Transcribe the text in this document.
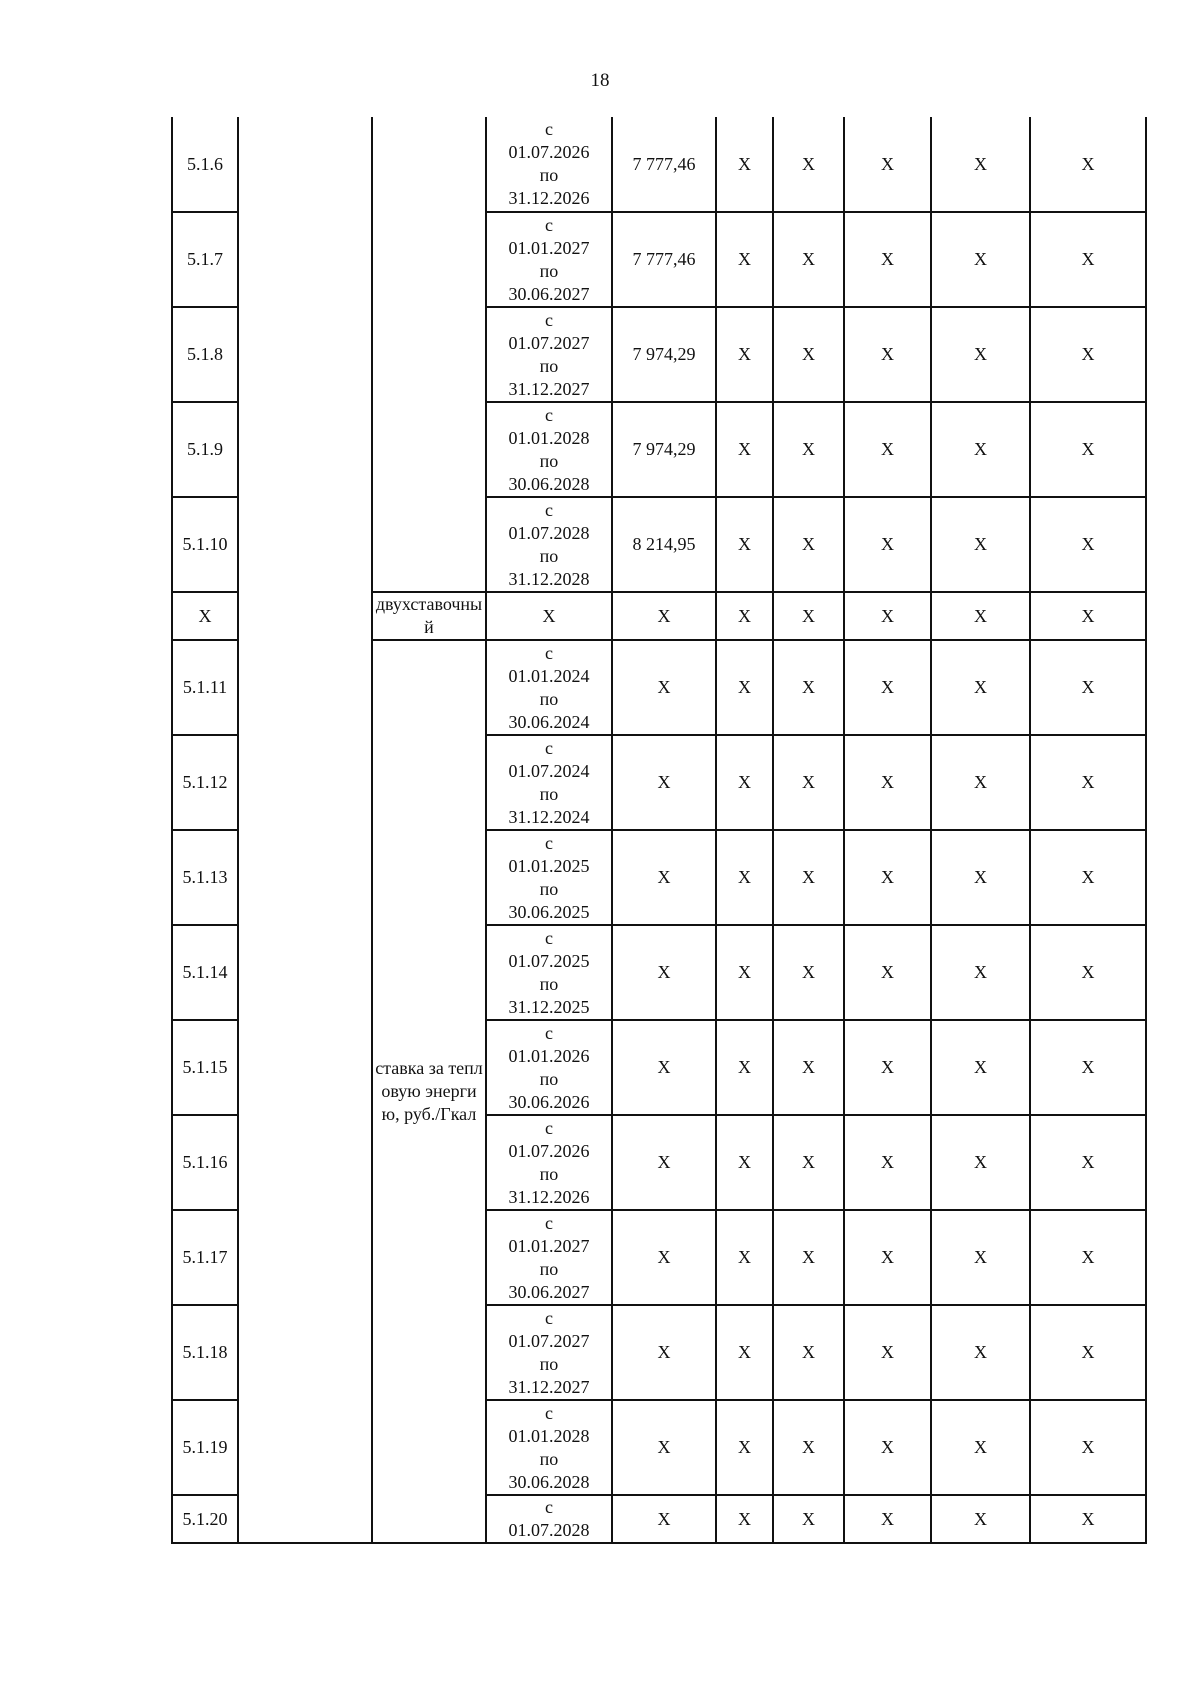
18
5.1.6			с
01.07.2026
по
31.12.2026	7 777,46	Х	Х	Х	Х	Х
5.1.7			с
01.01.2027
по
30.06.2027	7 777,46	Х	Х	Х	Х	Х
5.1.8			с
01.07.2027
по
31.12.2027	7 974,29	Х	Х	Х	Х	Х
5.1.9			с
01.01.2028
по
30.06.2028	7 974,29	Х	Х	Х	Х	Х
5.1.10			с
01.07.2028
по
31.12.2028	8 214,95	Х	Х	Х	Х	Х
Х		двухставочный	Х	Х	Х	Х	Х	Х	Х
5.1.11		ставка за тепловую энергию, руб./Гкал	с
01.01.2024
по
30.06.2024	Х	Х	Х	Х	Х	Х
5.1.12			с
01.07.2024
по
31.12.2024	Х	Х	Х	Х	Х	Х
5.1.13			с
01.01.2025
по
30.06.2025	Х	Х	Х	Х	Х	Х
5.1.14			с
01.07.2025
по
31.12.2025	Х	Х	Х	Х	Х	Х
5.1.15			с
01.01.2026
по
30.06.2026	Х	Х	Х	Х	Х	Х
5.1.16			с
01.07.2026
по
31.12.2026	Х	Х	Х	Х	Х	Х
5.1.17			с
01.01.2027
по
30.06.2027	Х	Х	Х	Х	Х	Х
5.1.18			с
01.07.2027
по
31.12.2027	Х	Х	Х	Х	Х	Х
5.1.19			с
01.01.2028
по
30.06.2028	Х	Х	Х	Х	Х	Х
5.1.20			с
01.07.2028	Х	Х	Х	Х	Х	Х
